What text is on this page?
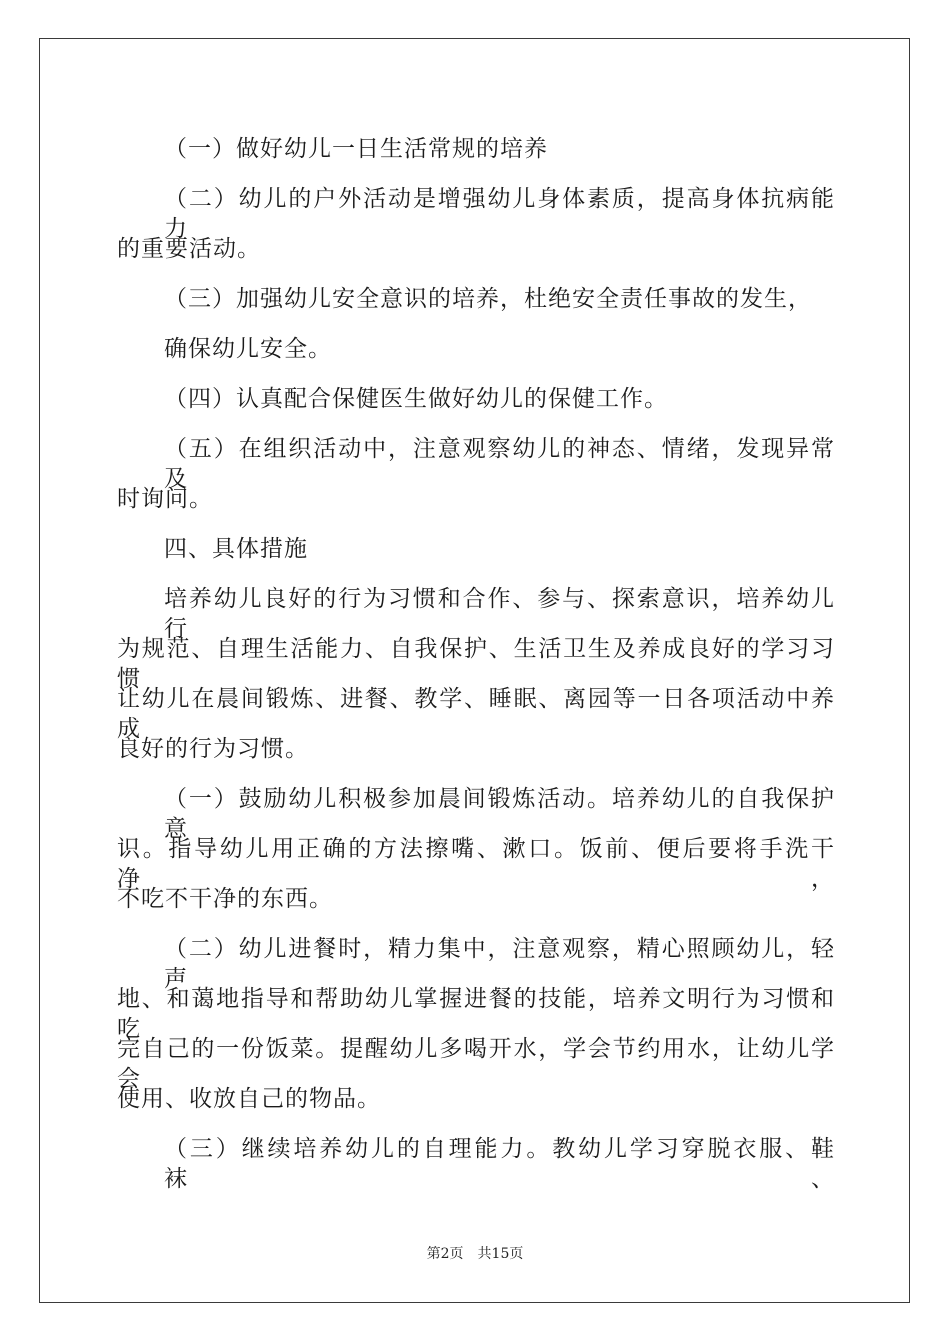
（一）做好幼儿一日生活常规的培养
（二）幼儿的户外活动是增强幼儿身体素质，提高身体抗病能力
的重要活动。
（三）加强幼儿安全意识的培养，杜绝安全责任事故的发生，
确保幼儿安全。
（四）认真配合保健医生做好幼儿的保健工作。
（五）在组织活动中，注意观察幼儿的神态、情绪，发现异常及
时询问。
四、具体措施
培养幼儿良好的行为习惯和合作、参与、探索意识，培养幼儿行
为规范、自理生活能力、自我保护、生活卫生及养成良好的学习习惯
让幼儿在晨间锻炼、进餐、教学、睡眠、离园等一日各项活动中养成
良好的行为习惯。
（一）鼓励幼儿积极参加晨间锻炼活动。培养幼儿的自我保护意
识。指导幼儿用正确的方法擦嘴、漱口。饭前、便后要将手洗干净，
不吃不干净的东西。
（二）幼儿进餐时，精力集中，注意观察，精心照顾幼儿，轻声
地、和蔼地指导和帮助幼儿掌握进餐的技能，培养文明行为习惯和吃
完自己的一份饭菜。提醒幼儿多喝开水，学会节约用水，让幼儿学会
使用、收放自己的物品。
（三）继续培养幼儿的自理能力。教幼儿学习穿脱衣服、鞋袜、
第2页 共15页
